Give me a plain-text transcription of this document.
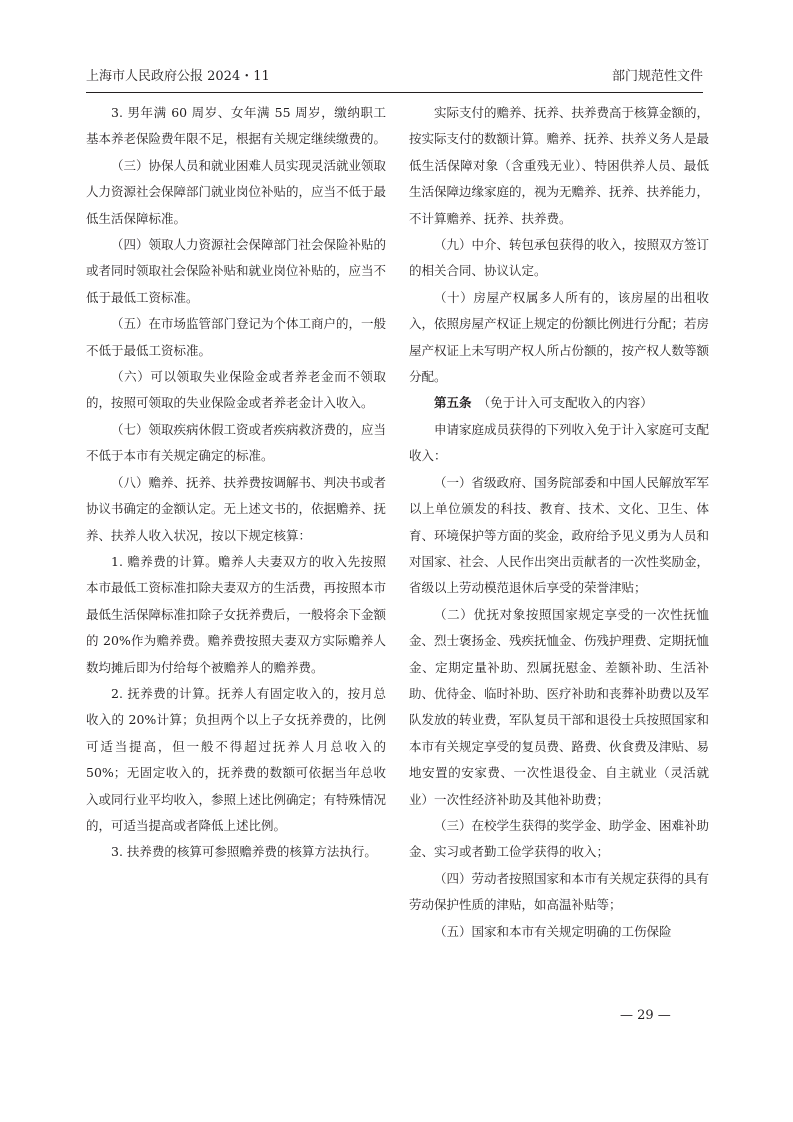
上海市人民政府公报 2024・11	部门规范性文件

3. 男年满 60 周岁、女年满 55 周岁，缴纳职工基本养老保险费年限不足，根据有关规定继续缴费的。

（三）协保人员和就业困难人员实现灵活就业领取人力资源社会保障部门就业岗位补贴的，应当不低于最低生活保障标准。

（四）领取人力资源社会保障部门社会保险补贴的或者同时领取社会保险补贴和就业岗位补贴的，应当不低于最低工资标准。

（五）在市场监管部门登记为个体工商户的，一般不低于最低工资标准。

（六）可以领取失业保险金或者养老金而不领取的，按照可领取的失业保险金或者养老金计入收入。

（七）领取疾病休假工资或者疾病救济费的，应当不低于本市有关规定确定的标准。

（八）赡养、抚养、扶养费按调解书、判决书或者协议书确定的金额认定。无上述文书的，依据赡养、抚养、扶养人收入状况，按以下规定核算：

1. 赡养费的计算。赡养人夫妻双方的收入先按照本市最低工资标准扣除夫妻双方的生活费，再按照本市最低生活保障标准扣除子女抚养费后，一般将余下金额的 20%作为赡养费。赡养费按照夫妻双方实际赡养人数均摊后即为付给每个被赡养人的赡养费。

2. 抚养费的计算。抚养人有固定收入的，按月总收入的 20%计算；负担两个以上子女抚养费的，比例可适当提高，但一般不得超过抚养人月总收入的 50%；无固定收入的，抚养费的数额可依据当年总收入或同行业平均收入，参照上述比例确定；有特殊情况的，可适当提高或者降低上述比例。

3. 扶养费的核算可参照赡养费的核算方法执行。

实际支付的赡养、抚养、扶养费高于核算金额的，按实际支付的数额计算。赡养、抚养、扶养义务人是最低生活保障对象（含重残无业）、特困供养人员、最低生活保障边缘家庭的，视为无赡养、抚养、扶养能力，不计算赡养、抚养、扶养费。

（九）中介、转包承包获得的收入，按照双方签订的相关合同、协议认定。

（十）房屋产权属多人所有的，该房屋的出租收入，依照房屋产权证上规定的份额比例进行分配；若房屋产权证上未写明产权人所占份额的，按产权人数等额分配。

第五条　 （免于计入可支配收入的内容）

申请家庭成员获得的下列收入免于计入家庭可支配收入：

（一）省级政府、国务院部委和中国人民解放军军以上单位颁发的科技、教育、技术、文化、卫生、体育、环境保护等方面的奖金，政府给予见义勇为人员和对国家、社会、人民作出突出贡献者的一次性奖励金，省级以上劳动模范退休后享受的荣誉津贴；

（二）优抚对象按照国家规定享受的一次性抚恤金、烈士褒扬金、残疾抚恤金、伤残护理费、定期抚恤金、定期定量补助、烈属抚慰金、差额补助、生活补助、优待金、临时补助、医疗补助和丧葬补助费以及军队发放的转业费，军队复员干部和退役士兵按照国家和本市有关规定享受的复员费、路费、伙食费及津贴、易地安置的安家费、一次性退役金、自主就业（灵活就业）一次性经济补助及其他补助费；

（三）在校学生获得的奖学金、助学金、困难补助金、实习或者勤工俭学获得的收入；

（四）劳动者按照国家和本市有关规定获得的具有劳动保护性质的津贴，如高温补贴等；

（五）国家和本市有关规定明确的工伤保险

— 29 —
